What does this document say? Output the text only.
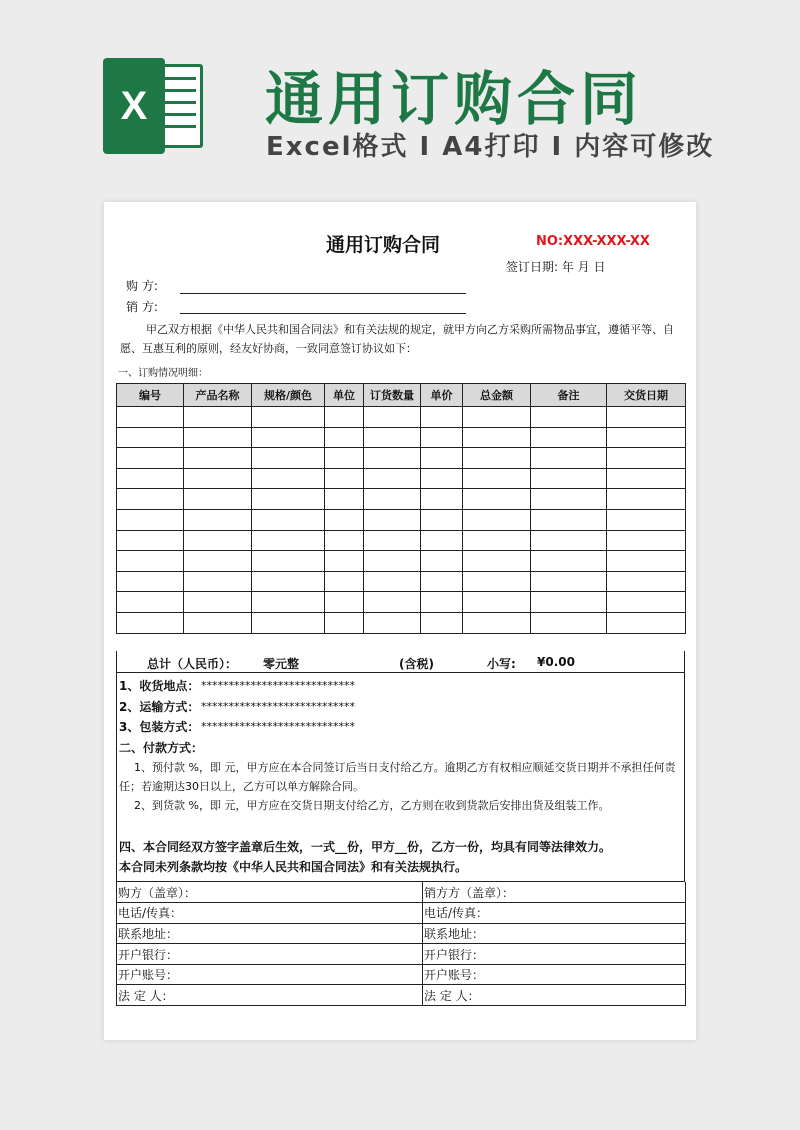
X	通用订购合同
Excel格式 I A4打印 I 内容可修改
通用订购合同	NO:XXX-XXX-XX
签订日期: 年 月 日
购 方:
销 方:
甲乙双方根据《中华人民共和国合同法》和有关法规的规定，就甲方向乙方采购所需物品事宜，遵循平等、自愿、互惠互利的原则，经友好协商，一致同意签订协议如下：
一、订购情况明细：
编号	产品名称	规格/颜色	单位	订货数量	单价	总金额	备注	交货日期

总计（人民币）： 零元整	(含税)	小写: ¥0.00
1、收货地点： ****************************
2、运输方式： ****************************
3、包装方式： ****************************
二、付款方式：
1、预付款 %，即 元，甲方应在本合同签订后当日支付给乙方。逾期乙方有权相应顺延交货日期并不承担任何责任；若逾期达30日以上，乙方可以单方解除合同。
2、到货款 %，即 元，甲方应在交货日期支付给乙方，乙方则在收到货款后安排出货及组装工作。
四、本合同经双方签字盖章后生效，一式__份，甲方__份，乙方一份，均具有同等法律效力。
本合同未列条款均按《中华人民共和国合同法》和有关法规执行。
购方（盖章）：	销方方（盖章）：
电话/传真：	电话/传真：
联系地址：	联系地址：
开户银行：	开户银行：
开户账号：	开户账号：
法 定 人：	法 定 人：
